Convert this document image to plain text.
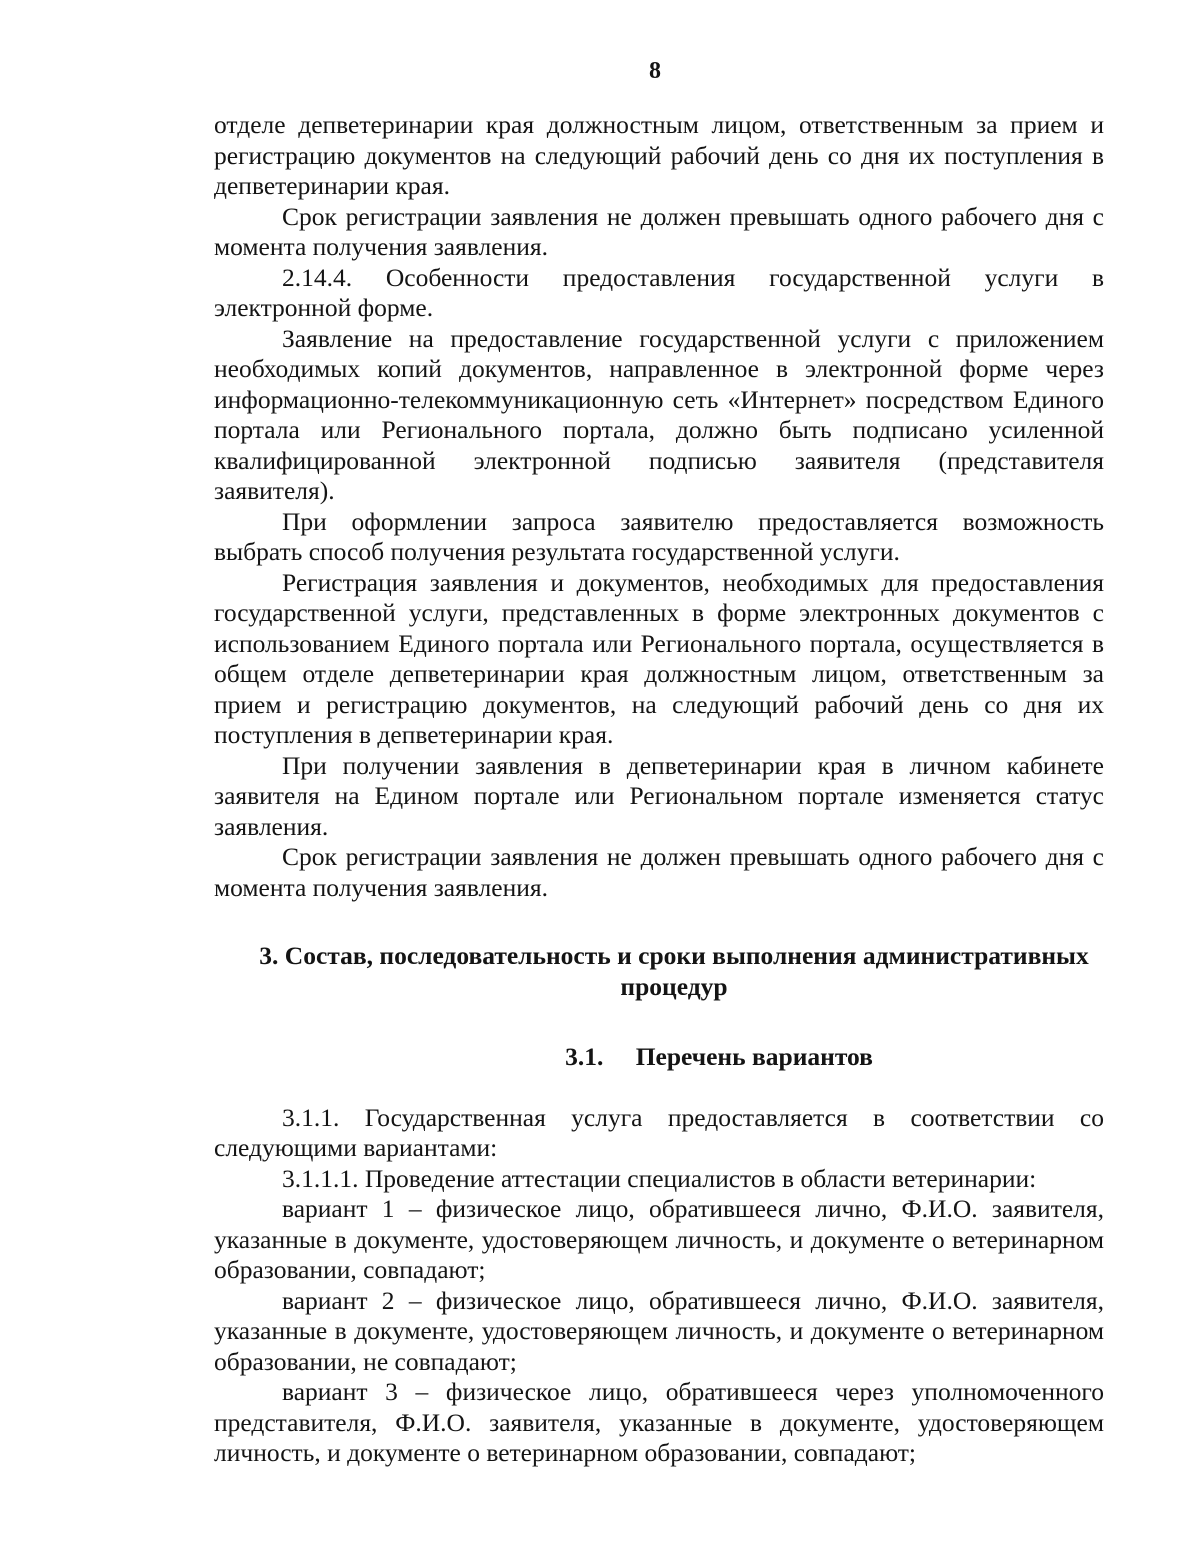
8

отделе депветеринарии края должностным лицом, ответственным за прием и регистрацию документов на следующий рабочий день со дня их поступления в депветеринарии края.

Срок регистрации заявления не должен превышать одного рабочего дня с момента получения заявления.

2.14.4. Особенности предоставления государственной услуги в электронной форме.

Заявление на предоставление государственной услуги с приложением необходимых копий документов, направленное в электронной форме через информационно-телекоммуникационную сеть «Интернет» посредством Единого портала или Регионального портала, должно быть подписано усиленной квалифицированной электронной подписью заявителя (представителя заявителя).

При оформлении запроса заявителю предоставляется возможность выбрать способ получения результата государственной услуги.

Регистрация заявления и документов, необходимых для предоставления государственной услуги, представленных в форме электронных документов с использованием Единого портала или Регионального портала, осуществляется в общем отделе депветеринарии края должностным лицом, ответственным за прием и регистрацию документов, на следующий рабочий день со дня их поступления в депветеринарии края.

При получении заявления в депветеринарии края в личном кабинете заявителя на Едином портале или Региональном портале изменяется статус заявления.

Срок регистрации заявления не должен превышать одного рабочего дня с момента получения заявления.

3. Состав, последовательность и сроки выполнения административных
процедур
3.1. Перечень вариантов

3.1.1. Государственная услуга предоставляется в соответствии со следующими вариантами:

3.1.1.1. Проведение аттестации специалистов в области ветеринарии:

вариант 1 – физическое лицо, обратившееся лично, Ф.И.О. заявителя, указанные в документе, удостоверяющем личность, и документе о ветеринарном образовании, совпадают;

вариант 2 – физическое лицо, обратившееся лично, Ф.И.О. заявителя, указанные в документе, удостоверяющем личность, и документе о ветеринарном образовании, не совпадают;

вариант 3 – физическое лицо, обратившееся через уполномоченного представителя, Ф.И.О. заявителя, указанные в документе, удостоверяющем личность, и документе о ветеринарном образовании, совпадают;
